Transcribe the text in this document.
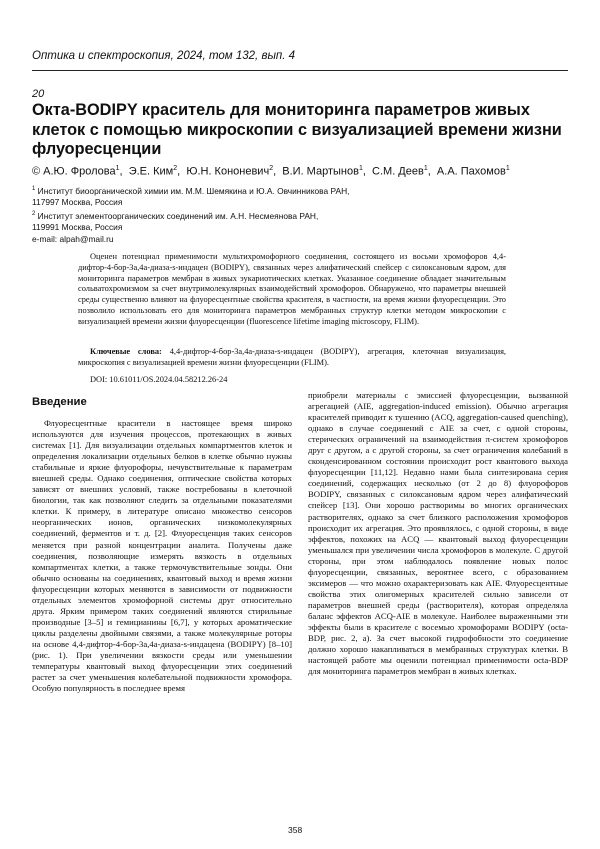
Оптика и спектроскопия, 2024, том 132, вып. 4
20
Окта-BODIPY краситель для мониторинга параметров живых клеток с помощью микроскопии с визуализацией времени жизни флуоресценции
© А.Ю. Фролова$^1$,  Э.Е. Ким$^2$,  Ю.Н. Кононевич$^2$,  В.И. Мартынов$^1$,  С.М. Деев$^1$,  А.А. Пахомов$^1$
$^1$ Институт биоорганической химии им. М.М. Шемякина и Ю.А. Овчинникова РАН,
117997 Москва, Россия
$^2$ Институт элементоорганических соединений им. А.Н. Несмеянова РАН,
119991 Москва, Россия
e-mail: alpah@mail.ru

Оценен потенциал применимости мультихромофорного соединения, состоящего из восьми хромофоров 4,4-дифтор-4-бор-3а,4а-диаза-s-индацен (BODIPY), связанных через алифатический спейсер с силоксановым ядром, для мониторинга параметров мембран в живых эукариотических клетках. Указанное соединение обладает значительным сольватохромизмом за счет внутримолекулярных взаимодействий хромофоров. Обнаружено, что параметры внешней среды существенно влияют на флуоресцентные свойства красителя, в частности, на время жизни флуоресценции. Это позволило использовать его для мониторинга параметров мембранных структур клетки методом микроскопии с визуализацией времени жизни флуоресценции (fluorescence lifetime imaging microscopy, FLIM).

Ключевые слова: 4,4-дифтор-4-бор-3а,4а-диаза-s-индацен (BODIPY), агрегация, клеточная визуализация, микроскопия с визуализацией времени жизни флуоресценции (FLIM).

DOI: 10.61011/OS.2024.04.58212.26-24
Введение

Флуоресцентные красители в настоящее время широко используются для изучения процессов, протекающих в живых системах [1]. Для визуализации отдельных компартментов клеток и определения локализации отдельных белков в клетке обычно нужны стабильные и яркие флуорофоры, нечувствительные к параметрам внешней среды. Однако соединения, оптические свойства которых зависят от внешних условий, также востребованы в клеточной биологии, так как позволяют следить за отдельными показателями клетки. К примеру, в литературе описано множество сенсоров неорганических ионов, органических низкомолекулярных соединений, ферментов и т. д. [2]. Флуоресценция таких сенсоров меняется при разной концентрации аналита. Получены даже соединения, позволяющие измерять вязкость в отдельных компартментах клетки, а также термочувствительные зонды. Они обычно основаны на соединениях, квантовый выход и время жизни флуоресценции которых меняются в зависимости от подвижности отдельных элементов хромофорной системы друг относительно друга. Ярким примером таких соединений являются стирильные производные [3–5] и гемицианины [6,7], у которых ароматические циклы разделены двойными связями, а также молекулярные роторы на основе 4,4-дифтор-4-бор-3а,4а-диаза-s-индацена (BODIPY) [8–10] (рис. 1). При увеличении вязкости среды или уменьшении температуры квантовый выход флуоресценции этих соединений растет за счет уменьшения колебательной подвижности хромофора. Особую популярность в последнее время

приобрели материалы с эмиссией флуоресценции, вызванной агрегацией (AIE, aggregation-induced emission). Обычно агрегация красителей приводит к тушению (ACQ, aggregation-caused quenching), однако в случае соединений с AIE за счет, с одной стороны, стерических ограничений на взаимодействия π-систем хромофоров друг с другом, а с другой стороны, за счет ограничения колебаний в сконденсированном состоянии происходит рост квантового выхода флуоресценции [11,12]. Недавно нами была синтезирована серия соединений, содержащих несколько (от 2 до 8) флуорофоров BODIPY, связанных с силоксановым ядром через алифатический спейсер [13]. Они хорошо растворимы во многих органических растворителях, однако за счет близкого расположения хромофоров происходит их агрегация. Это проявлялось, с одной стороны, в виде эффектов, похожих на ACQ — квантовый выход флуоресценции уменьшался при увеличении числа хромофоров в молекуле. С другой стороны, при этом наблюдалось появление новых полос флуоресценции, связанных, вероятнее всего, с образованием эксимеров — что можно охарактеризовать как AIE. Флуоресцентные свойства этих олигомерных красителей сильно зависели от параметров внешней среды (растворителя), которая определяла баланс эффектов ACQ-AIE в молекуле. Наиболее выраженными эти эффекты были в красителе с восемью хромофорами BODIPY (octa-BDP, рис. 2, a). За счет высокой гидрофобности это соединение должно хорошо накапливаться в мембранных структурах клетки. В настоящей работе мы оценили потенциал применимости octa-BDP для мониторинга параметров мембран в живых клетках.

358
